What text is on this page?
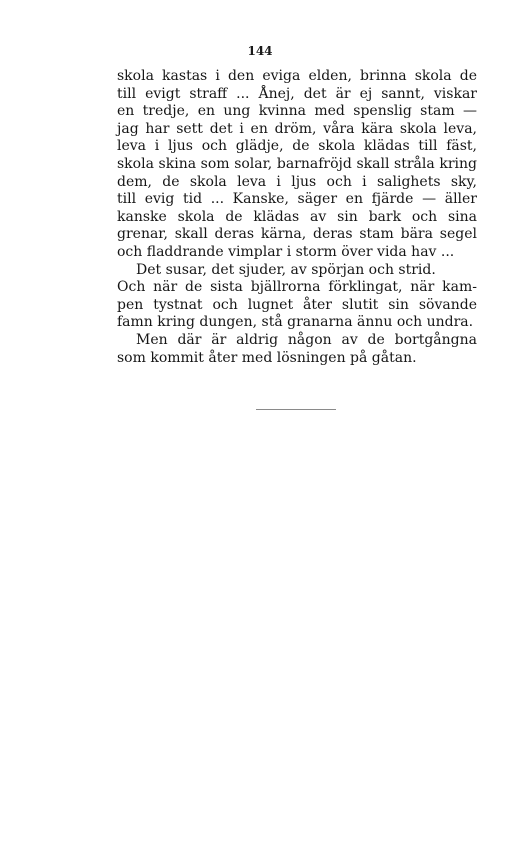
144
skola kastas i den eviga elden, brinna skola de
till evigt straff ... Ånej, det är ej sannt, viskar
en tredje, en ung kvinna med spenslig stam —
jag har sett det i en dröm, våra kära skola leva,
leva i ljus och glädje, de skola klädas till fäst,
skola skina som solar, barnafröjd skall stråla kring
dem, de skola leva i ljus och i salighets sky,
till evig tid ... Kanske, säger en fjärde — äller
kanske skola de klädas av sin bark och sina
grenar, skall deras kärna, deras stam bära segel
och fladdrande vimplar i storm över vida hav ...
Det susar, det sjuder, av spörjan och strid.
Och när de sista bjällrorna förklingat, när kam-
pen tystnat och lugnet åter slutit sin sövande
famn kring dungen, stå granarna ännu och undra.
Men där är aldrig någon av de bortgångna
som kommit åter med lösningen på gåtan.
